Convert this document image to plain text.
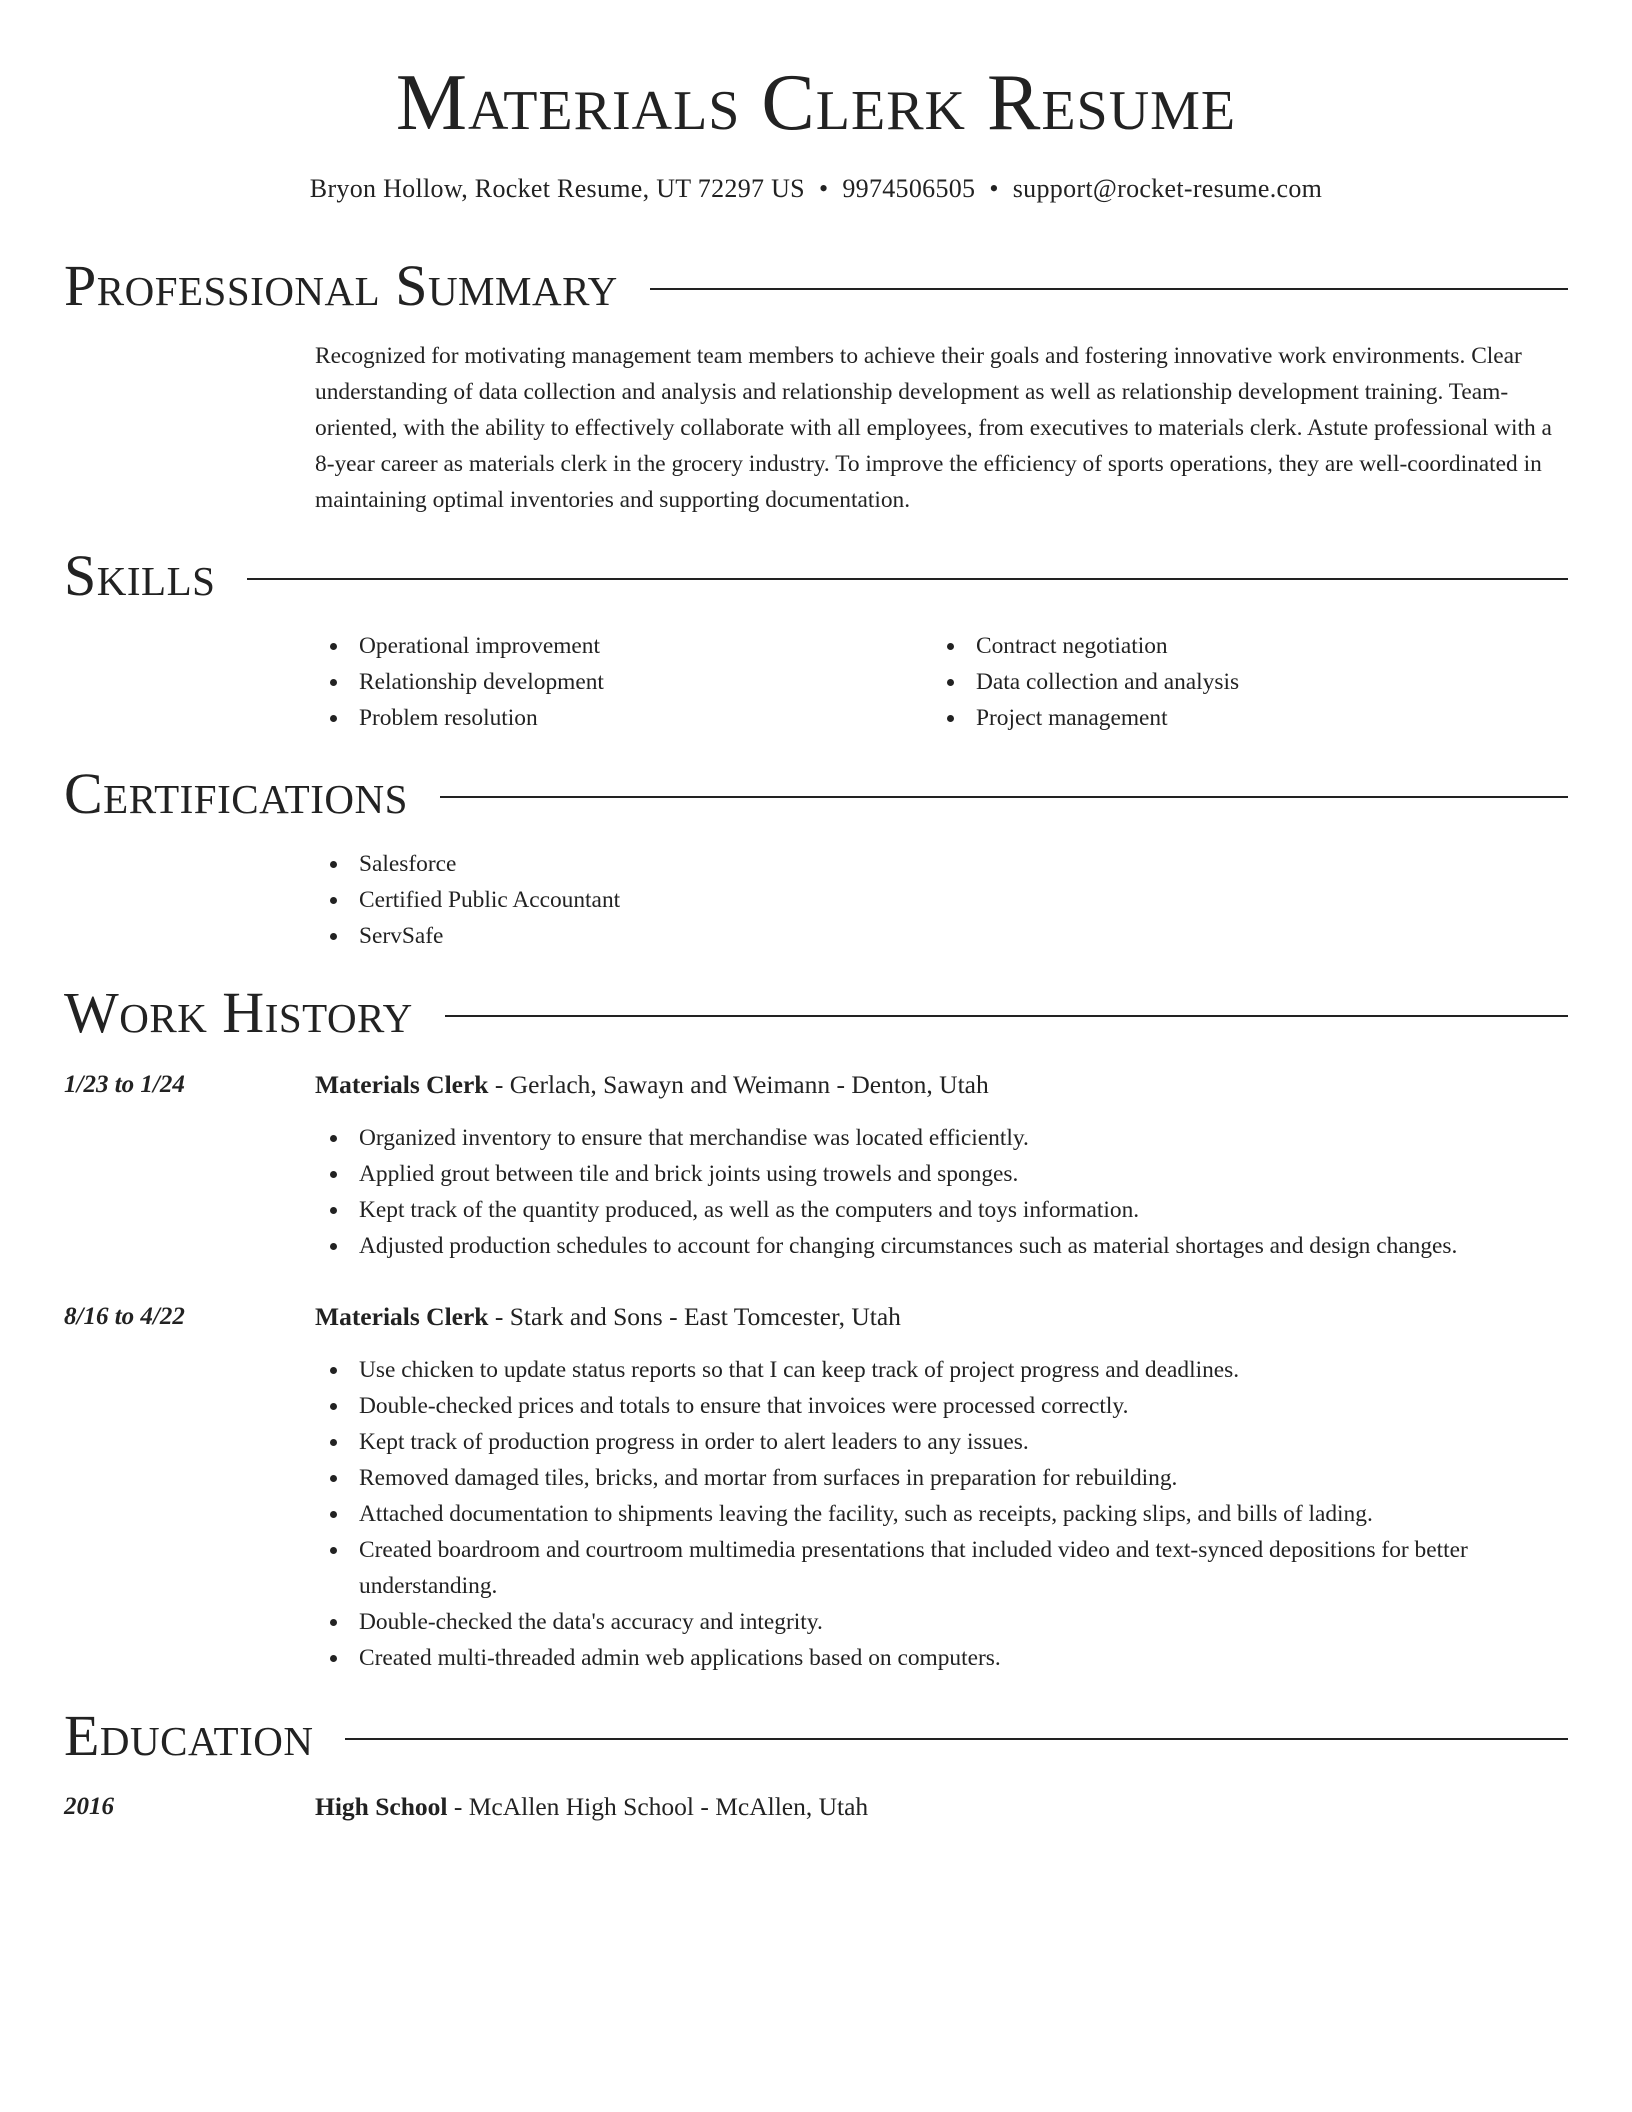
Materials Clerk Resume
Bryon Hollow, Rocket Resume, UT 72297 US • 9974506505 • support@rocket-resume.com
Professional Summary

Recognized for motivating management team members to achieve their goals and fostering innovative work environments. Clear understanding of data collection and analysis and relationship development as well as relationship development training. Team-oriented, with the ability to effectively collaborate with all employees, from executives to materials clerk. Astute professional with a 8-year career as materials clerk in the grocery industry. To improve the efficiency of sports operations, they are well-coordinated in maintaining optimal inventories and supporting documentation.

Skills
Operational improvement
Relationship development
Problem resolution
Contract negotiation
Data collection and analysis
Project management
Certifications
Salesforce
Certified Public Accountant
ServSafe
Work History
1/23 to 1/24	Materials Clerk - Gerlach, Sawayn and Weimann - Denton, Utah
Organized inventory to ensure that merchandise was located efficiently.
Applied grout between tile and brick joints using trowels and sponges.
Kept track of the quantity produced, as well as the computers and toys information.
Adjusted production schedules to account for changing circumstances such as material shortages and design changes.
8/16 to 4/22	Materials Clerk - Stark and Sons - East Tomcester, Utah
Use chicken to update status reports so that I can keep track of project progress and deadlines.
Double-checked prices and totals to ensure that invoices were processed correctly.
Kept track of production progress in order to alert leaders to any issues.
Removed damaged tiles, bricks, and mortar from surfaces in preparation for rebuilding.
Attached documentation to shipments leaving the facility, such as receipts, packing slips, and bills of lading.
Created boardroom and courtroom multimedia presentations that included video and text-synced depositions for better understanding.
Double-checked the data's accuracy and integrity.
Created multi-threaded admin web applications based on computers.
Education
2016	High School - McAllen High School - McAllen, Utah
